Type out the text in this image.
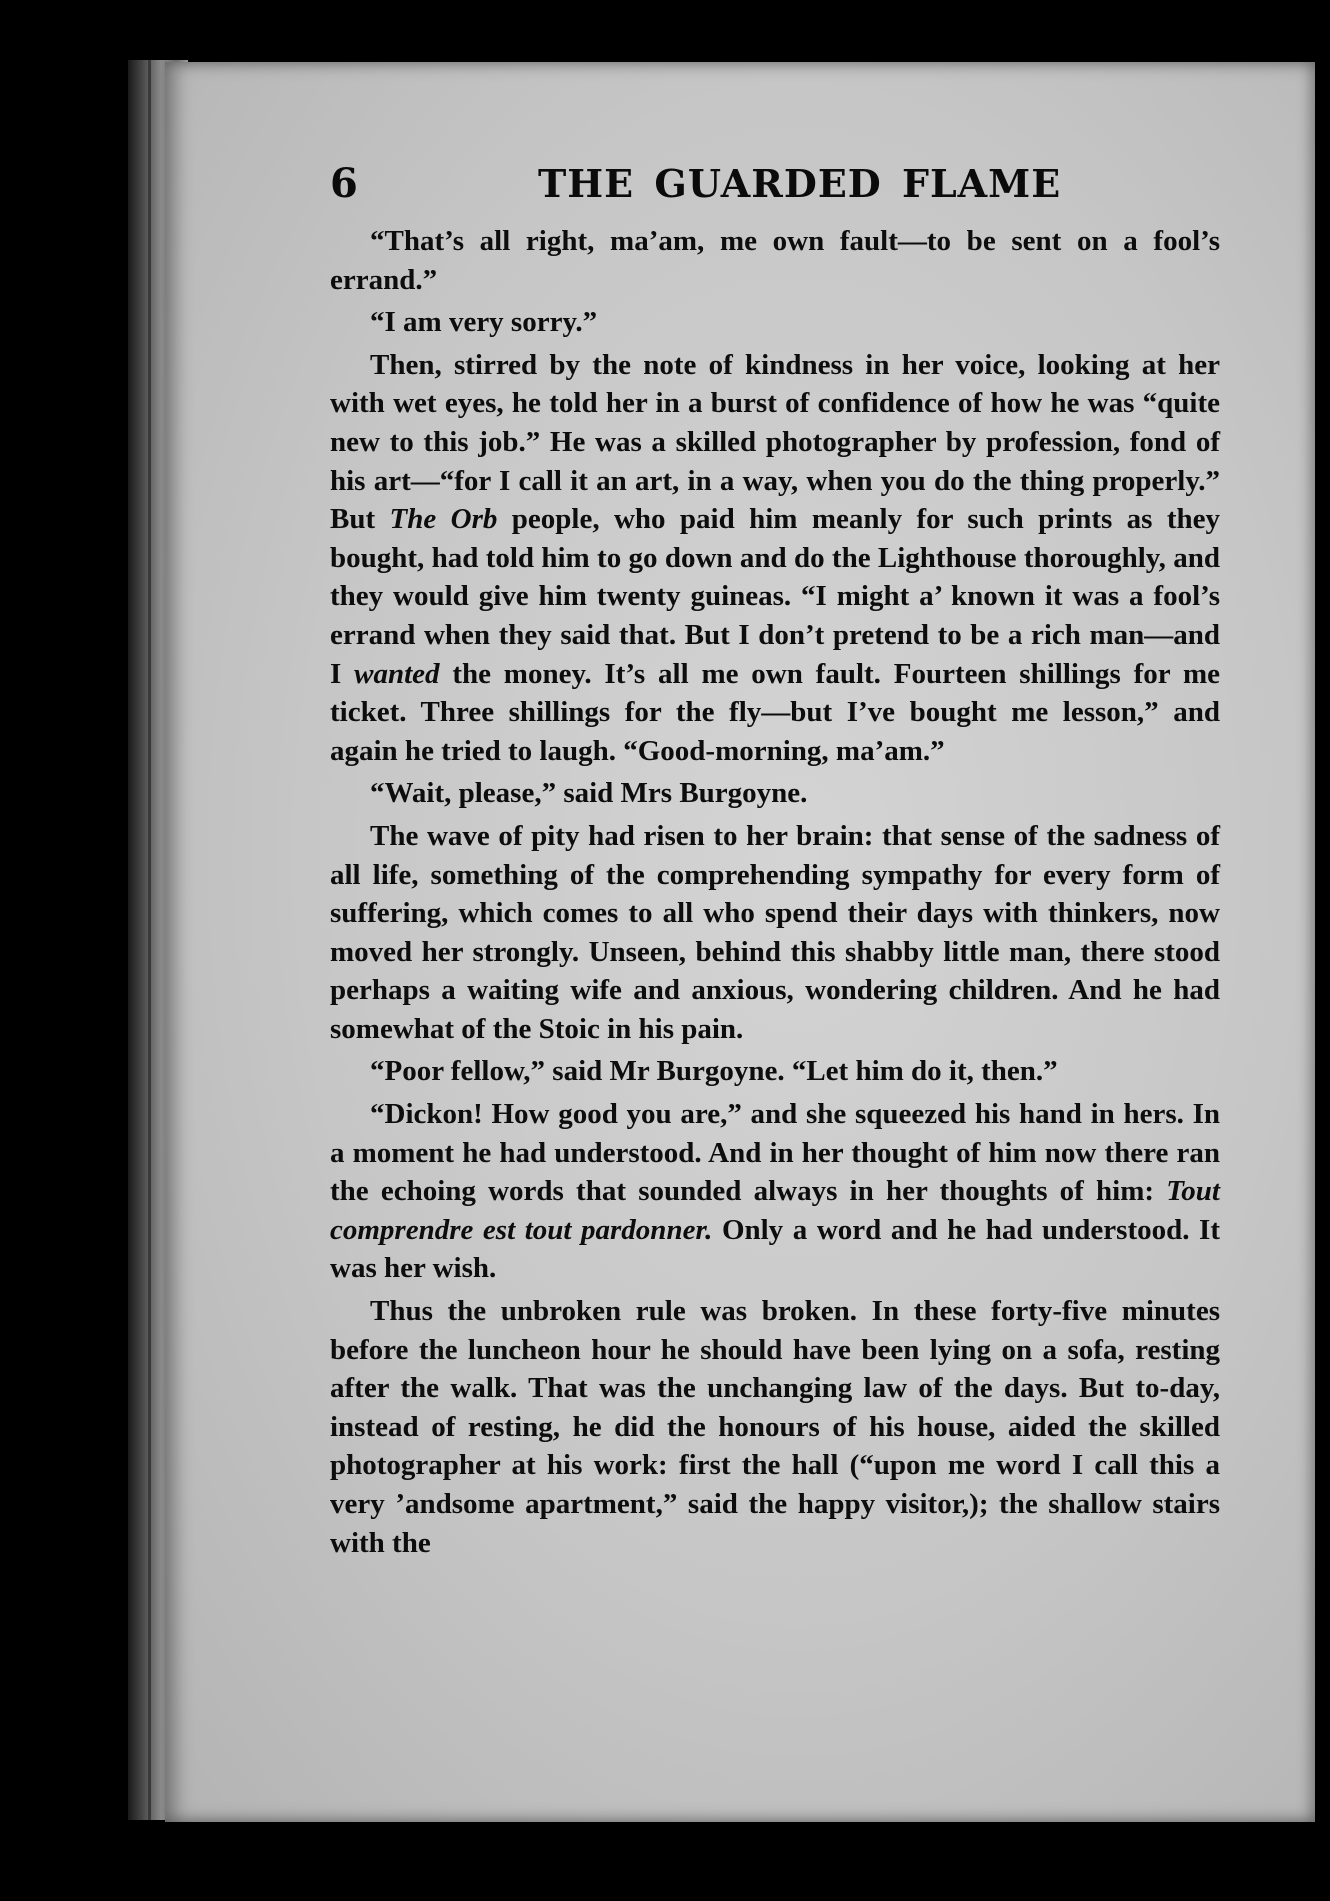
6	THE GUARDED FLAME

“That’s all right, ma’am, me own fault—to be sent on a fool’s errand.”

“I am very sorry.”

Then, stirred by the note of kindness in her voice, looking at her with wet eyes, he told her in a burst of confidence of how he was “quite new to this job.” He was a skilled photographer by profession, fond of his art—“for I call it an art, in a way, when you do the thing properly.” But The Orb people, who paid him meanly for such prints as they bought, had told him to go down and do the Lighthouse thoroughly, and they would give him twenty guineas. “I might a’ known it was a fool’s errand when they said that. But I don’t pretend to be a rich man—and I wanted the money. It’s all me own fault. Fourteen shillings for me ticket. Three shillings for the fly—but I’ve bought me lesson,” and again he tried to laugh. “Good-morning, ma’am.”

“Wait, please,” said Mrs Burgoyne.

The wave of pity had risen to her brain: that sense of the sadness of all life, something of the comprehending sympathy for every form of suffering, which comes to all who spend their days with thinkers, now moved her strongly. Unseen, behind this shabby little man, there stood perhaps a waiting wife and anxious, wondering children. And he had somewhat of the Stoic in his pain.

“Poor fellow,” said Mr Burgoyne. “Let him do it, then.”

“Dickon! How good you are,” and she squeezed his hand in hers. In a moment he had understood. And in her thought of him now there ran the echoing words that sounded always in her thoughts of him: Tout comprendre est tout pardonner. Only a word and he had understood. It was her wish.

Thus the unbroken rule was broken. In these forty-five minutes before the luncheon hour he should have been lying on a sofa, resting after the walk. That was the unchanging law of the days. But to-day, instead of resting, he did the honours of his house, aided the skilled photographer at his work: first the hall (“upon me word I call this a very ’andsome apartment,” said the happy visitor,); the shallow stairs with the
